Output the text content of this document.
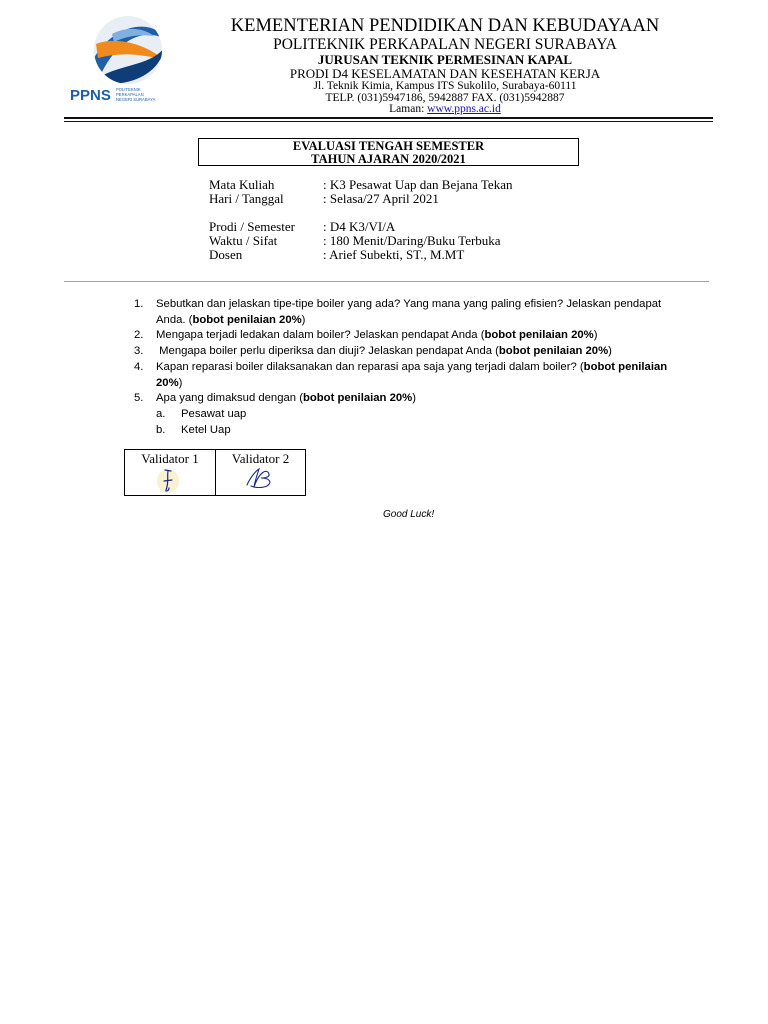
PPNS POLITEKNIK
PERKAPALAN
NEGERI SURABAYA
KEMENTERIAN PENDIDIKAN DAN KEBUDAYAAN
POLITEKNIK PERKAPALAN NEGERI SURABAYA
JURUSAN TEKNIK PERMESINAN KAPAL
PRODI D4 KESELAMATAN DAN KESEHATAN KERJA
Jl. Teknik Kimia, Kampus ITS Sukolilo, Surabaya-60111
TELP. (031)5947186, 5942887 FAX. (031)5942887
Laman: www.ppns.ac.id
EVALUASI TENGAH SEMESTER
TAHUN AJARAN 2020/2021
Mata Kuliah	: K3 Pesawat Uap dan Bejana Tekan
Hari / Tanggal	: Selasa/27 April 2021
Prodi / Semester : D4 K3/VI/A
Waktu / Sifat	: 180 Menit/Daring/Buku Terbuka
Dosen	: Arief Subekti, ST., M.MT
1. Sebutkan dan jelaskan tipe-tipe boiler yang ada? Yang mana yang paling efisien? Jelaskan pendapat
Anda. (bobot penilaian 20%)
2. Mengapa terjadi ledakan dalam boiler? Jelaskan pendapat Anda (bobot penilaian 20%)
3. Mengapa boiler perlu diperiksa dan diuji? Jelaskan pendapat Anda (bobot penilaian 20%)
4. Kapan reparasi boiler dilaksanakan dan reparasi apa saja yang terjadi dalam boiler? (bobot penilaian
20%)
5. Apa yang dimaksud dengan (bobot penilaian 20%)
a. Pesawat uap
b. Ketel Uap
Validator 1	Validator 2
Good Luck!
